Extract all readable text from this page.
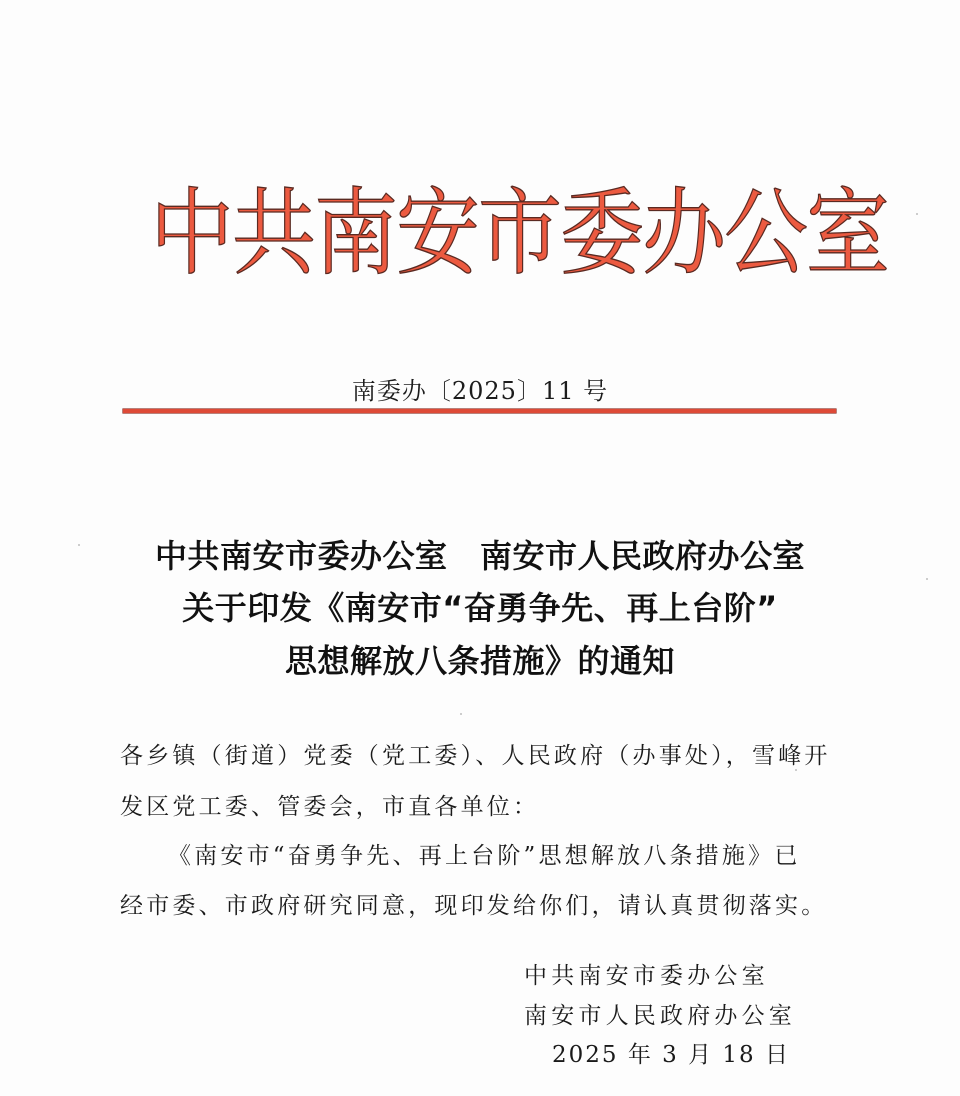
中
共
南
安
市
委
办
公
室
南委办〔2025〕11 号
中共南安市委办公室　南安市人民政府办公室
关于印发《南安市“奋勇争先、再上台阶”
思想解放八条措施》的通知
各乡镇（街道）党委（党工委）、人民政府（办事处），雪峰开
发区党工委、管委会，市直各单位：
《南安市“奋勇争先、再上台阶”思想解放八条措施》已
经市委、市政府研究同意，现印发给你们，请认真贯彻落实。
中共南安市委办公室
南安市人民政府办公室
2025 年 3 月 18 日
